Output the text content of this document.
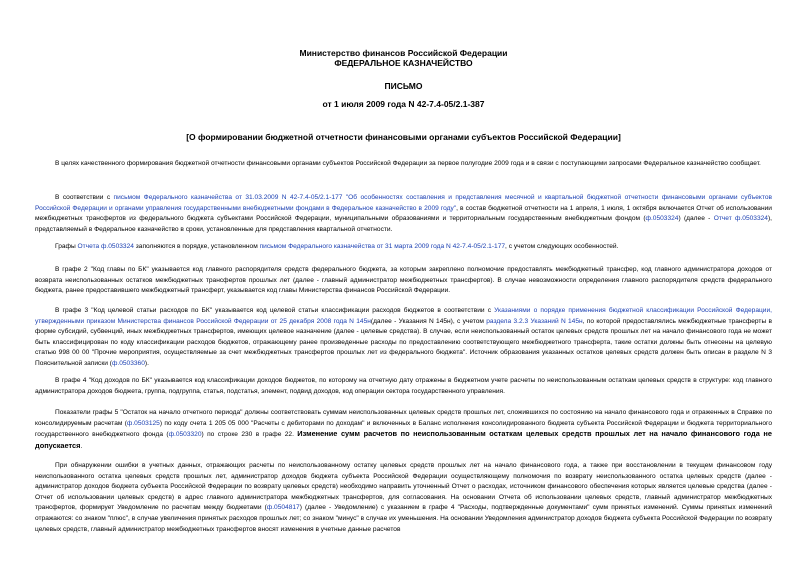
Министерство финансов Российской Федерации
ФЕДЕРАЛЬНОЕ КАЗНАЧЕЙСТВО
ПИСЬМО
от 1 июля 2009 года N 42-7.4-05/2.1-387
[О формировании бюджетной отчетности финансовыми органами субъектов Российской Федерации]
В целях качественного формирования бюджетной отчетности финансовыми органами субъектов Российской Федерации за первое полугодие 2009 года и в связи с поступающими запросами Федеральное казначейство сообщает.
В соответствии с письмом Федерального казначейства от 31.03.2009 N 42-7.4-05/2.1-177 "Об особенностях составления и представления месячной и квартальной бюджетной отчетности финансовыми органами субъектов Российской Федерации и органами управления государственными внебюджетными фондами в Федеральное казначейство в 2009 году", в состав бюджетной отчетности на 1 апреля, 1 июля, 1 октября включается Отчет об использовании межбюджетных трансфертов из федерального бюджета субъектами Российской Федерации, муниципальными образованиями и территориальным государственным внебюджетным фондом (ф.0503324) (далее - Отчет ф.0503324), представляемый в Федеральное казначейство в сроки, установленные для представления квартальной отчетности.
Графы Отчета ф.0503324 заполняются в порядке, установленном письмом Федерального казначейства от 31 марта 2009 года N 42-7.4-05/2.1-177, с учетом следующих особенностей.
В графе 2 "Код главы по БК" указывается код главного распорядителя средств федерального бюджета, за которым закреплено полномочие предоставлять межбюджетный трансфер, код главного администратора доходов от возврата неиспользованных остатков межбюджетных трансфертов прошлых лет (далее - главный администратор межбюджетных трансфертов). В случае невозможности определения главного распорядителя средств федерального бюджета, ранее предоставившего межбюджетный трансферт, указывается код главы Министерства финансов Российской Федерации.
В графе 3 "Код целевой статьи расходов по БК" указывается код целевой статьи классификации расходов бюджетов в соответствии с Указаниями о порядке применения бюджетной классификации Российской Федерации, утвержденными приказом Министерства финансов Российской Федерации от 25 декабря 2008 года N 145н(далее - Указания N 145н), с учетом раздела 3.2.3 Указаний N 145н, по которой предоставлялись межбюджетные трансферты в форме субсидий, субвенций, иных межбюджетных трансфертов, имеющих целевое назначение (далее - целевые средства). В случае, если неиспользованный остаток целевых средств прошлых лет на начало финансового года не может быть классифицирован по коду классификации расходов бюджетов, отражающему ранее произведенные расходы по предоставлению соответствующего межбюджетного трансферта, такие остатки должны быть отнесены на целевую статью 998 00 00 "Прочие мероприятия, осуществляемые за счет межбюджетных трансфертов прошлых лет из федерального бюджета". Источник образования указанных остатков целевых средств должен быть описан в разделе N 3 Пояснительной записки (ф.0503360).
В графе 4 "Код доходов по БК" указывается код классификации доходов бюджетов, по которому на отчетную дату отражены в бюджетном учете расчеты по неиспользованным остаткам целевых средств в структуре: код главного администратора доходов бюджета, группа, подгруппа, статья, подстатья, элемент, подвид доходов, код операции сектора государственного управления.
Показатели графы 5 "Остаток на начало отчетного периода" должны соответствовать суммам неиспользованных целевых средств прошлых лет, сложившихся по состоянию на начало финансового года и отраженных в Справке по консолидируемым расчетам (ф.0503125) по коду счета 1 205 05 000 "Расчеты с дебиторами по доходам" и включенных в Баланс исполнения консолидированного бюджета субъекта Российской Федерации и бюджета территориального государственного внебюджетного фонда (ф.0503320) по строке 230 в графе 22. Изменение сумм расчетов по неиспользованным остаткам целевых средств прошлых лет на начало финансового года не допускается.
При обнаружении ошибки в учетных данных, отражающих расчеты по неиспользованному остатку целевых средств прошлых лет на начало финансового года, а также при восстановлении в текущем финансовом году неиспользованного остатка целевых средств прошлых лет, администратор доходов бюджета субъекта Российской Федерации осуществляющему полномочия по возврату неиспользованного остатка целевых средств (далее - администратор доходов бюджета субъекта Российской Федерации по возврату целевых средств) необходимо направить уточненный Отчет о расходах, источником финансового обеспечения которых является целевые средства (далее - Отчет об использовании целевых средств) в адрес главного администратора межбюджетных трансфертов, для согласования. На основании Отчета об использовании целевых средств, главный администратор межбюджетных трансфертов, формирует Уведомление по расчетам между бюджетами (ф.0504817) (далее - Уведомление) с указанием в графе 4 "Расходы, подтвержденные документами" сумм принятых изменений. Суммы принятых изменений отражаются: со знаком "плюс", в случае увеличения принятых расходов прошлых лет; со знаком "минус" в случае их уменьшения. На основании Уведомления администратор доходов бюджета субъекта Российской Федерации по возврату целевых средств, главный администратор межбюджетных трансфертов вносят изменения в учетные данные расчетов
